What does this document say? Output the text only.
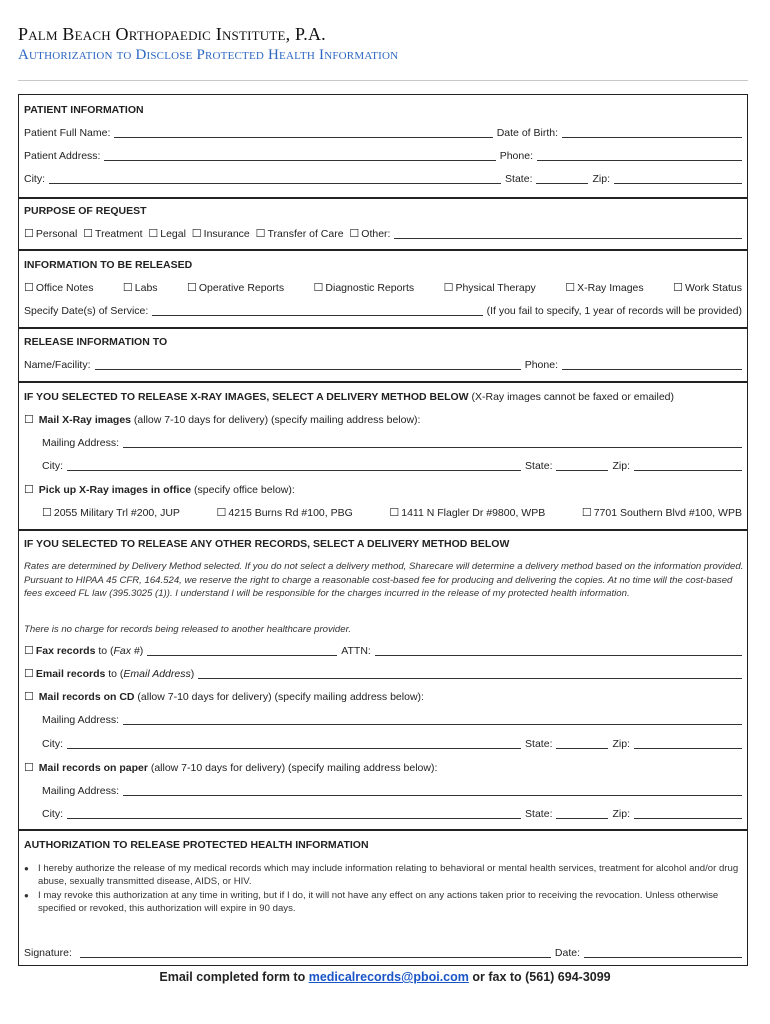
Palm Beach Orthopaedic Institute, P.A.
Authorization to Disclose Protected Health Information
PATIENT INFORMATION
Patient Full Name:	Date of Birth:
Patient Address:	Phone:
City:	State:	Zip:
PURPOSE OF REQUEST
☐ Personal
☐ Treatment
☐ Legal
☐ Insurance
☐ Transfer of Care
☐ Other:
INFORMATION TO BE RELEASED
☐ Office Notes	☐ Labs	☐ Operative Reports	☐ Diagnostic Reports	☐ Physical Therapy	☐ X-Ray Images	☐ Work Status
Specify Date(s) of Service:	(If you fail to specify, 1 year of records will be provided)
RELEASE INFORMATION TO
Name/Facility:	Phone:
IF YOU SELECTED TO RELEASE X-RAY IMAGES, SELECT A DELIVERY METHOD BELOW (X-Ray images cannot be faxed or emailed)
☐ Mail X-Ray images (allow 7-10 days for delivery) (specify mailing address below):
Mailing Address:
City:	State:	Zip:
☐ Pick up X-Ray images in office (specify office below):
☐ 2055 Military Trl #200, JUP	☐ 4215 Burns Rd #100, PBG	☐ 1411 N Flagler Dr #9800, WPB	☐ 7701 Southern Blvd #100, WPB
IF YOU SELECTED TO RELEASE ANY OTHER RECORDS, SELECT A DELIVERY METHOD BELOW
Rates are determined by Delivery Method selected. If you do not select a delivery method, Sharecare will determine a delivery method based on the information provided. Pursuant to HIPAA 45 CFR, 164.524, we reserve the right to charge a reasonable cost-based fee for producing and delivering the copies. At no time will the cost-based fees exceed FL law (395.3025 (1)). I understand I will be responsible for the charges incurred in the release of my protected health information.
There is no charge for records being released to another healthcare provider.
☐ Fax records
to ( Fax # )	ATTN:
☐ Email records
to ( Email Address )
☐ Mail records on CD (allow 7-10 days for delivery) (specify mailing address below):
Mailing Address:
City:	State:	Zip:
☐ Mail records on paper (allow 7-10 days for delivery) (specify mailing address below):
Mailing Address:
City:	State:	Zip:
AUTHORIZATION TO RELEASE PROTECTED HEALTH INFORMATION
● I hereby authorize the release of my medical records which may include information relating to behavioral or mental health services, treatment for alcohol and/or drug abuse, sexually transmitted disease, AIDS, or HIV.
● I may revoke this authorization at any time in writing, but if I do, it will not have any effect on any actions taken prior to receiving the revocation. Unless otherwise specified or revoked, this authorization will expire in 90 days.
Signature:	Date:
Email completed form to medicalrecords@pboi.com or fax to (561) 694-3099
